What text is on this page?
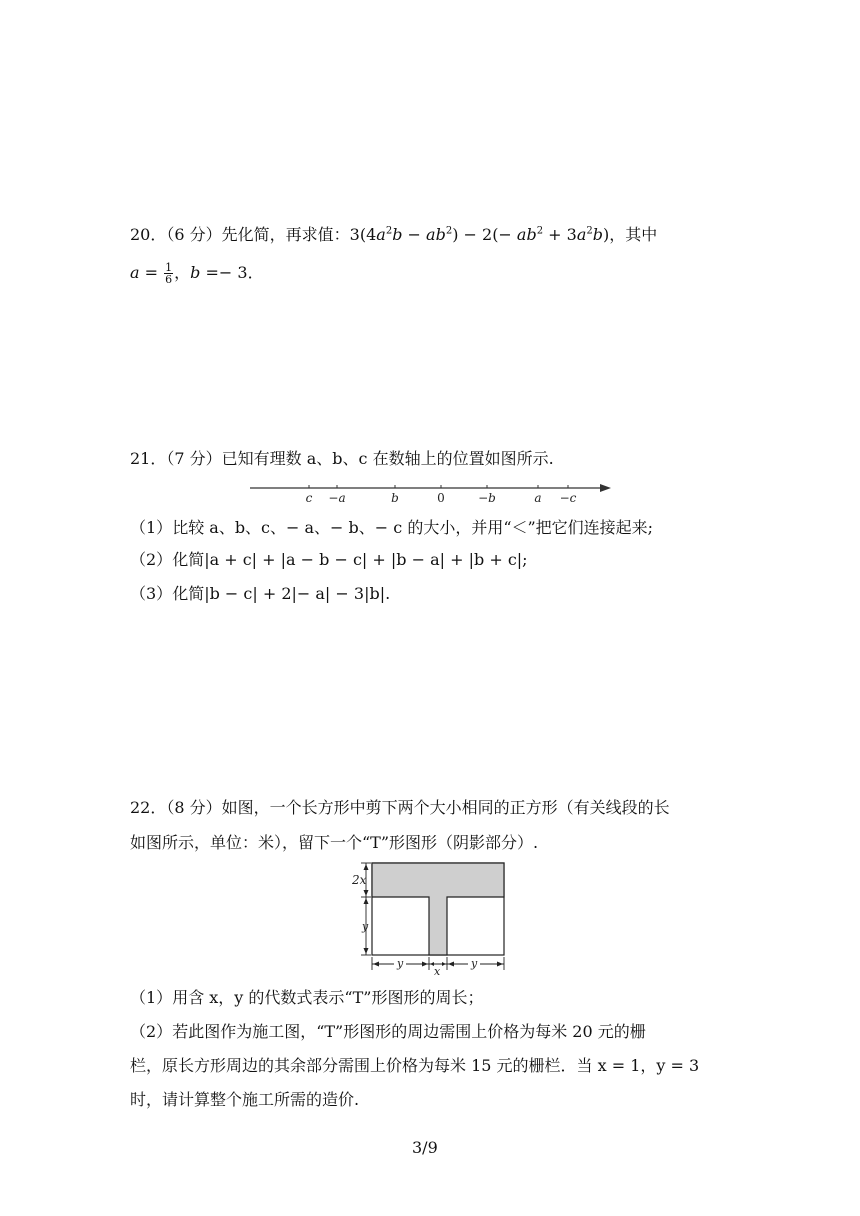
20．（6 分）先化简，再求值：$3(4a^2b - ab^2) - 2(- ab^2 + 3a^2b)$，其中
$a = \frac{1}{6}$ ，b =− 3．
21．（7 分）已知有理数 a、b、c 在数轴上的位置如图所示.
c −a	b	0	−b	a −c
（1）比较 a、b、c、− a、− b、− c 的大小，并用“＜”把它们连接起来;
（2）化简|a + c| + |a − b − c| + |b − a| + |b + c|;
（3）化简|b − c| + 2|− a| − 3|b|.
22．（8 分）如图，一个长方形中剪下两个大小相同的正方形（有关线段的长
如图所示，单位：米），留下一个“T”形图形（阴影部分）.
2x
y
y
x
y
（1）用含 x，y 的代数式表示“T”形图形的周长；
（2）若此图作为施工图，“T”形图形的周边需围上价格为每米 20 元的栅
栏，原长方形周边的其余部分需围上价格为每米 15 元的栅栏．当 x = 1，y = 3
时，请计算整个施工所需的造价.
3/9
